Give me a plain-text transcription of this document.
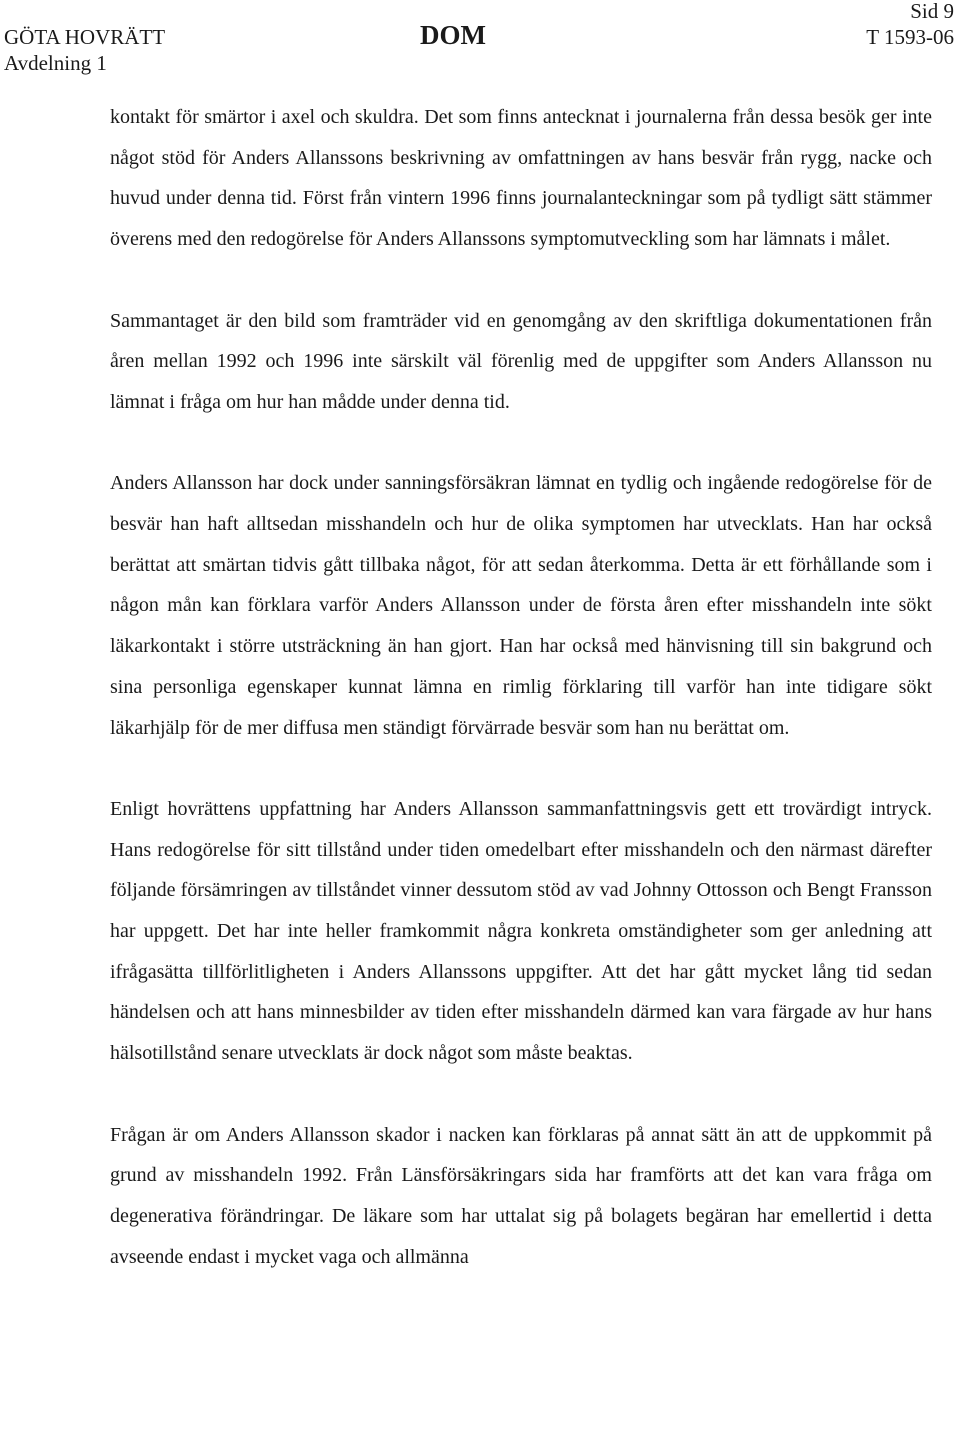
GÖTA HOVRÄTT
Avdelning 1
DOM
Sid 9
T 1593-06

kontakt för smärtor i axel och skuldra. Det som finns antecknat i journalerna från dessa besök ger inte något stöd för Anders Allanssons beskrivning av omfattningen av hans besvär från rygg, nacke och huvud under denna tid. Först från vintern 1996 finns journalanteckningar som på tydligt sätt stämmer överens med den redogörelse för Anders Allanssons symptomutveckling som har lämnats i målet.

Sammantaget är den bild som framträder vid en genomgång av den skriftliga dokumentationen från åren mellan 1992 och 1996 inte särskilt väl förenlig med de uppgifter som Anders Allansson nu lämnat i fråga om hur han mådde under denna tid.

Anders Allansson har dock under sanningsförsäkran lämnat en tydlig och ingående redogörelse för de besvär han haft alltsedan misshandeln och hur de olika symptomen har utvecklats. Han har också berättat att smärtan tidvis gått tillbaka något, för att sedan återkomma. Detta är ett förhållande som i någon mån kan förklara varför Anders Allansson under de första åren efter misshandeln inte sökt läkarkontakt i större utsträckning än han gjort. Han har också med hänvisning till sin bakgrund och sina personliga egenskaper kunnat lämna en rimlig förklaring till varför han inte tidigare sökt läkarhjälp för de mer diffusa men ständigt förvärrade besvär som han nu berättat om.

Enligt hovrättens uppfattning har Anders Allansson sammanfattningsvis gett ett trovärdigt intryck. Hans redogörelse för sitt tillstånd under tiden omedelbart efter misshandeln och den närmast därefter följande försämringen av tillståndet vinner dessutom stöd av vad Johnny Ottosson och Bengt Fransson har uppgett. Det har inte heller framkommit några konkreta omständigheter som ger anledning att ifrågasätta tillförlitligheten i Anders Allanssons uppgifter. Att det har gått mycket lång tid sedan händelsen och att hans minnesbilder av tiden efter misshandeln därmed kan vara färgade av hur hans hälsotillstånd senare utvecklats är dock något som måste beaktas.

Frågan är om Anders Allansson skador i nacken kan förklaras på annat sätt än att de uppkommit på grund av misshandeln 1992. Från Länsförsäkringars sida har framförts att det kan vara fråga om degenerativa förändringar. De läkare som har uttalat sig på bolagets begäran har emellertid i detta avseende endast i mycket vaga och allmänna
